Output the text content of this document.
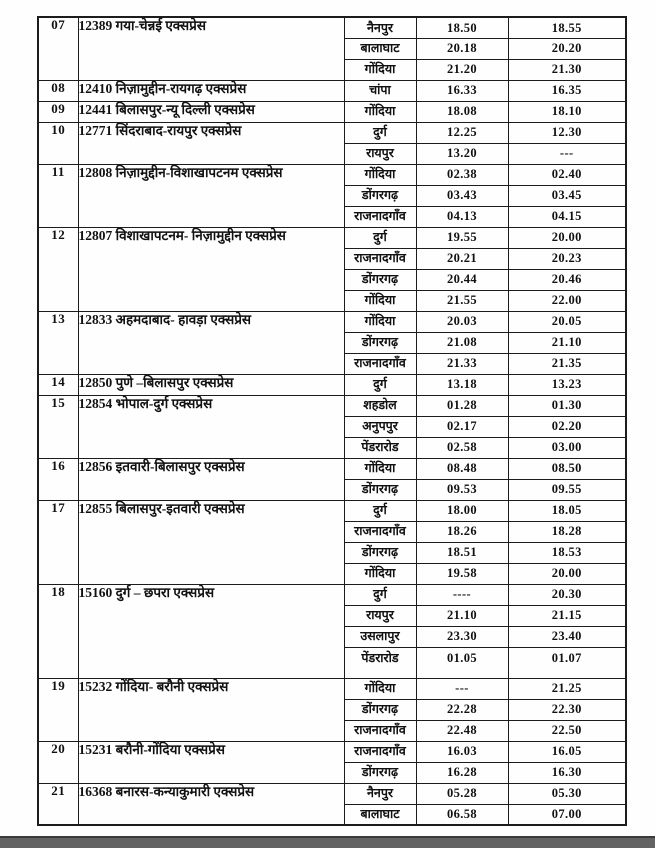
07	12389 गया-चेन्नई एक्सप्रेस	नैनपुर	18.50	18.55
		बालाघाट	20.18	20.20
		गोंदिया	21.20	21.30
08	12410 निज़ामुद्दीन-रायगढ़ एक्सप्रेस	चांपा	16.33	16.35
09	12441 बिलासपुर-न्यू दिल्ली एक्सप्रेस	गोंदिया	18.08	18.10
10	12771 सिंदराबाद-रायपुर एक्सप्रेस	दुर्ग	12.25	12.30
		रायपुर	13.20	---
11	12808 निज़ामुद्दीन-विशाखापटनम एक्सप्रेस	गोंदिया	02.38	02.40
		डोंगरगढ़	03.43	03.45
		राजनादगाँव	04.13	04.15
12	12807 विशाखापटनम- निज़ामुद्दीन एक्सप्रेस	दुर्ग	19.55	20.00
		राजनादगाँव	20.21	20.23
		डोंगरगढ़	20.44	20.46
		गोंदिया	21.55	22.00
13	12833 अहमदाबाद- हावड़ा एक्सप्रेस	गोंदिया	20.03	20.05
		डोंगरगढ़	21.08	21.10
		राजनादगाँव	21.33	21.35
14	12850 पुणे –बिलासपुर एक्सप्रेस	दुर्ग	13.18	13.23
15	12854 भोपाल-दुर्ग एक्सप्रेस	शहडोल	01.28	01.30
		अनुपपुर	02.17	02.20
		पेंडरारोड	02.58	03.00
16	12856 इतवारी-बिलासपुर एक्सप्रेस	गोंदिया	08.48	08.50
		डोंगरगढ़	09.53	09.55
17	12855 बिलासपुर-इतवारी एक्सप्रेस	दुर्ग	18.00	18.05
		राजनादगाँव	18.26	18.28
		डोंगरगढ़	18.51	18.53
		गोंदिया	19.58	20.00
18	15160 दुर्ग – छपरा एक्सप्रेस	दुर्ग	----	20.30
		रायपुर	21.10	21.15
		उसलापुर	23.30	23.40
		पेंडरारोड	01.05	01.07
19	15232 गोंदिया- बरौनी एक्सप्रेस	गोंदिया	---	21.25
		डोंगरगढ़	22.28	22.30
		राजनादगाँव	22.48	22.50
20	15231 बरौनी-गोंदिया एक्सप्रेस	राजनादगाँव	16.03	16.05
		डोंगरगढ़	16.28	16.30
21	16368 बनारस-कन्याकुमारी एक्सप्रेस	नैनपुर	05.28	05.30
		बालाघाट	06.58	07.00
